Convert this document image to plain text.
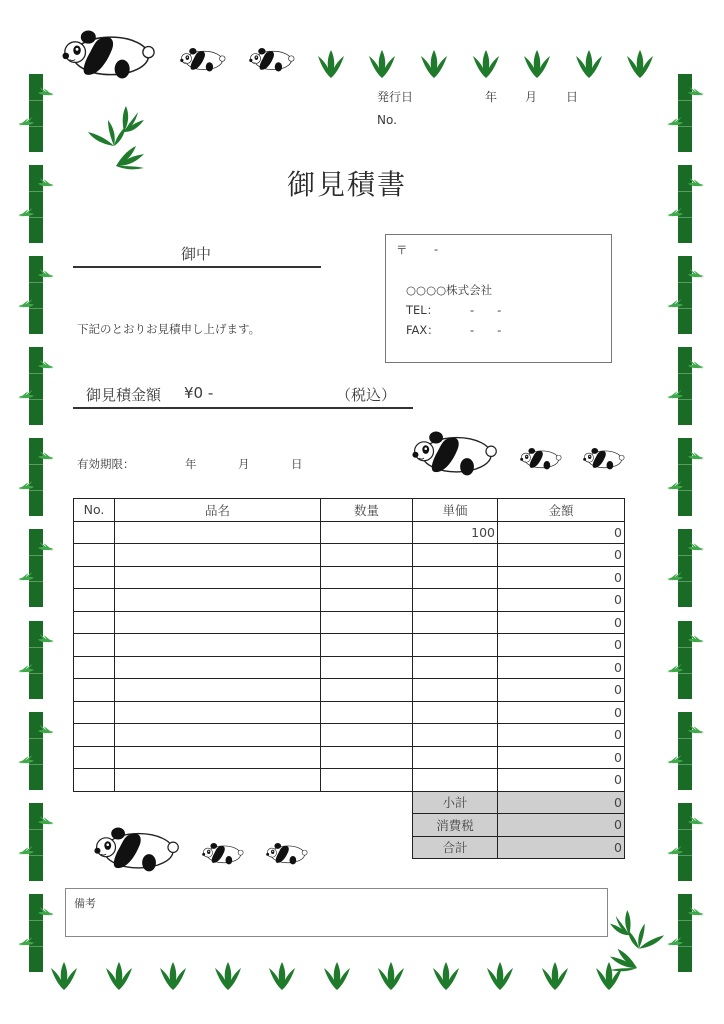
発行日	年 月 日
No.
御見積書
御中
下記のとおりお見積申し上げます。
〒 -
○○○○株式会社
TEL：	-　　-
FAX：	-　　-
御見積金額 ¥0 -	（税込）
有効期限：	年	月	日
No.	品名	数量	単価	金額
			100	0
				0
				0
				0
				0
				0
				0
				0
				0
				0
				0
				0
			小計	0
			消費税	0
			合計	0
備考
